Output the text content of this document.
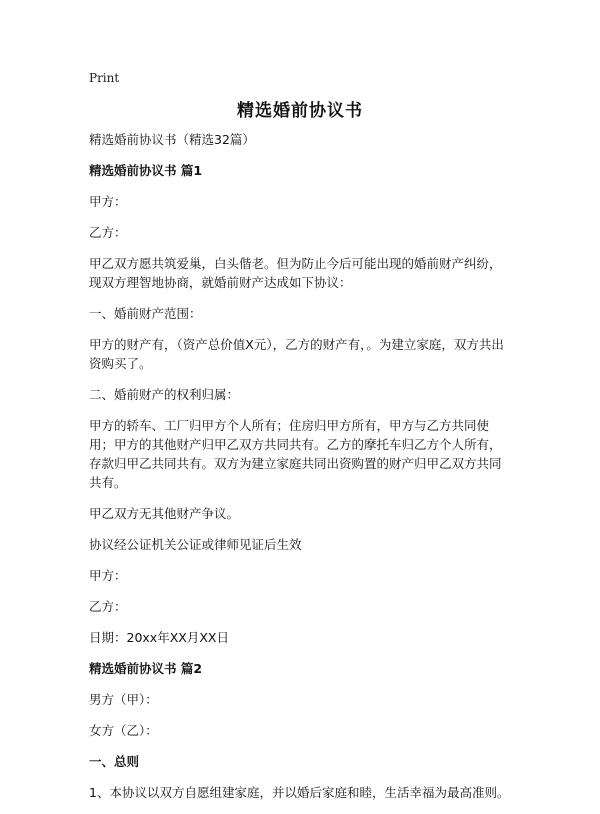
Print
精选婚前协议书
精选婚前协议书（精选32篇）
精选婚前协议书 篇1
甲方：
乙方：
甲乙双方愿共筑爱巢，白头偕老。但为防止今后可能出现的婚前财产纠纷，现双方理智地协商，就婚前财产达成如下协议：
一、婚前财产范围：
甲方的财产有，（资产总价值X元），乙方的财产有，。为建立家庭，双方共出资购买了。
二、婚前财产的权利归属：
甲方的轿车、工厂归甲方个人所有；住房归甲方所有，甲方与乙方共同使用；甲方的其他财产归甲乙双方共同共有。乙方的摩托车归乙方个人所有，存款归甲乙共同共有。双方为建立家庭共同出资购置的财产归甲乙双方共同共有。
甲乙双方无其他财产争议。
协议经公证机关公证或律师见证后生效
甲方：
乙方：
日期：20xx年XX月XX日
精选婚前协议书 篇2
男方（甲）：
女方（乙）：
一、总则
1、本协议以双方自愿组建家庭，并以婚后家庭和睦，生活幸福为最高准则。
